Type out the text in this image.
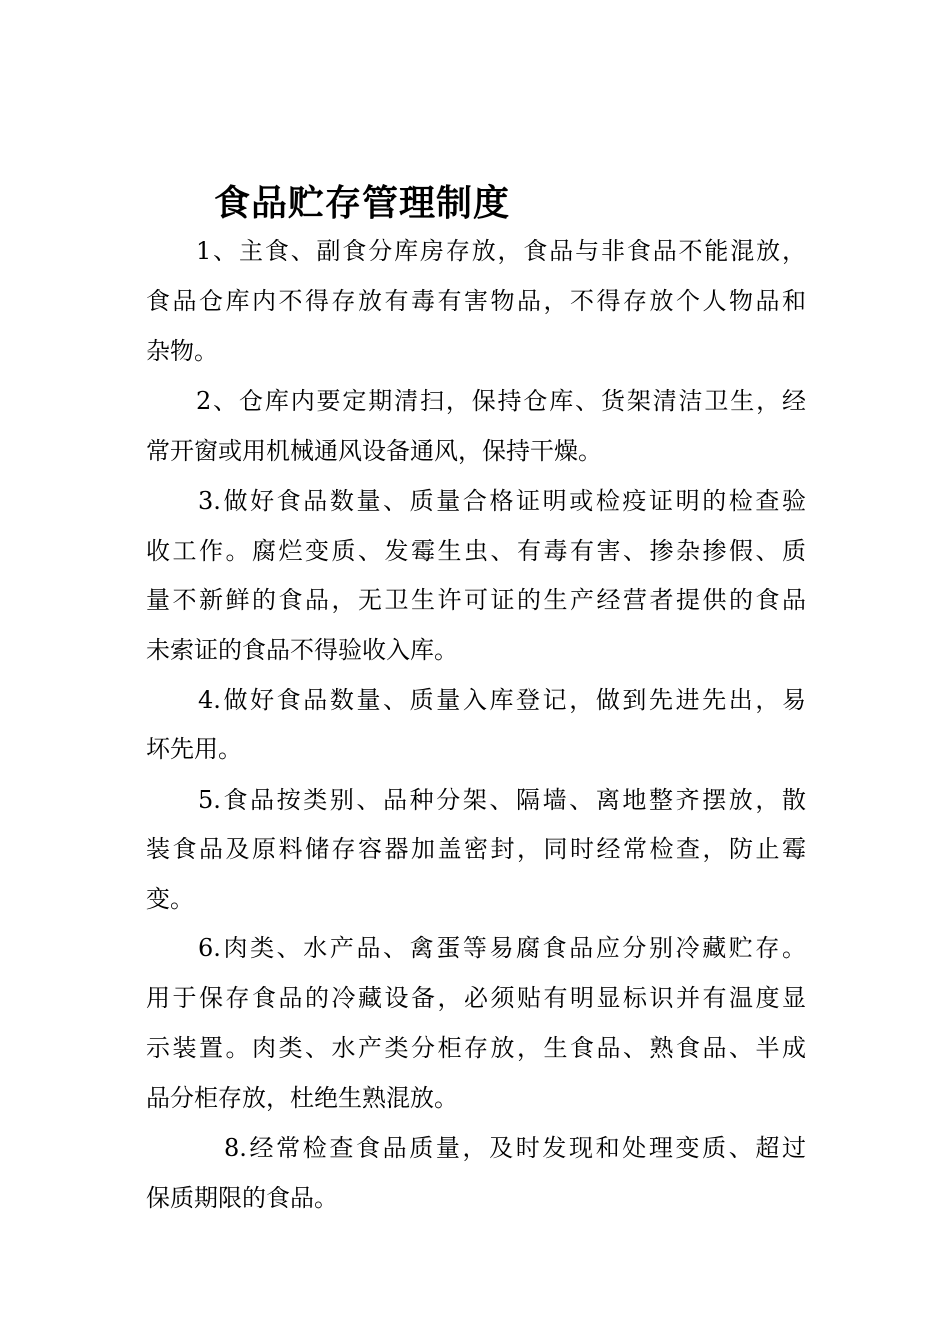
食品贮存管理制度

1、主食、副食分库房存放，食品与非食品不能混放，

食品仓库内不得存放有毒有害物品，不得存放个人物品和

杂物。

2、仓库内要定期清扫，保持仓库、货架清洁卫生，经

常开窗或用机械通风设备通风，保持干燥。

3.做好食品数量、质量合格证明或检疫证明的检查验

收工作。腐烂变质、发霉生虫、有毒有害、掺杂掺假、质

量不新鲜的食品，无卫生许可证的生产经营者提供的食品

未索证的食品不得验收入库。

4.做好食品数量、质量入库登记，做到先进先出，易

坏先用。

5.食品按类别、品种分架、隔墙、离地整齐摆放，散

装食品及原料储存容器加盖密封，同时经常检查，防止霉

变。

6.肉类、水产品、禽蛋等易腐食品应分别冷藏贮存。

用于保存食品的冷藏设备，必须贴有明显标识并有温度显

示装置。肉类、水产类分柜存放，生食品、熟食品、半成

品分柜存放，杜绝生熟混放。

8.经常检查食品质量，及时发现和处理变质、超过

保质期限的食品。
